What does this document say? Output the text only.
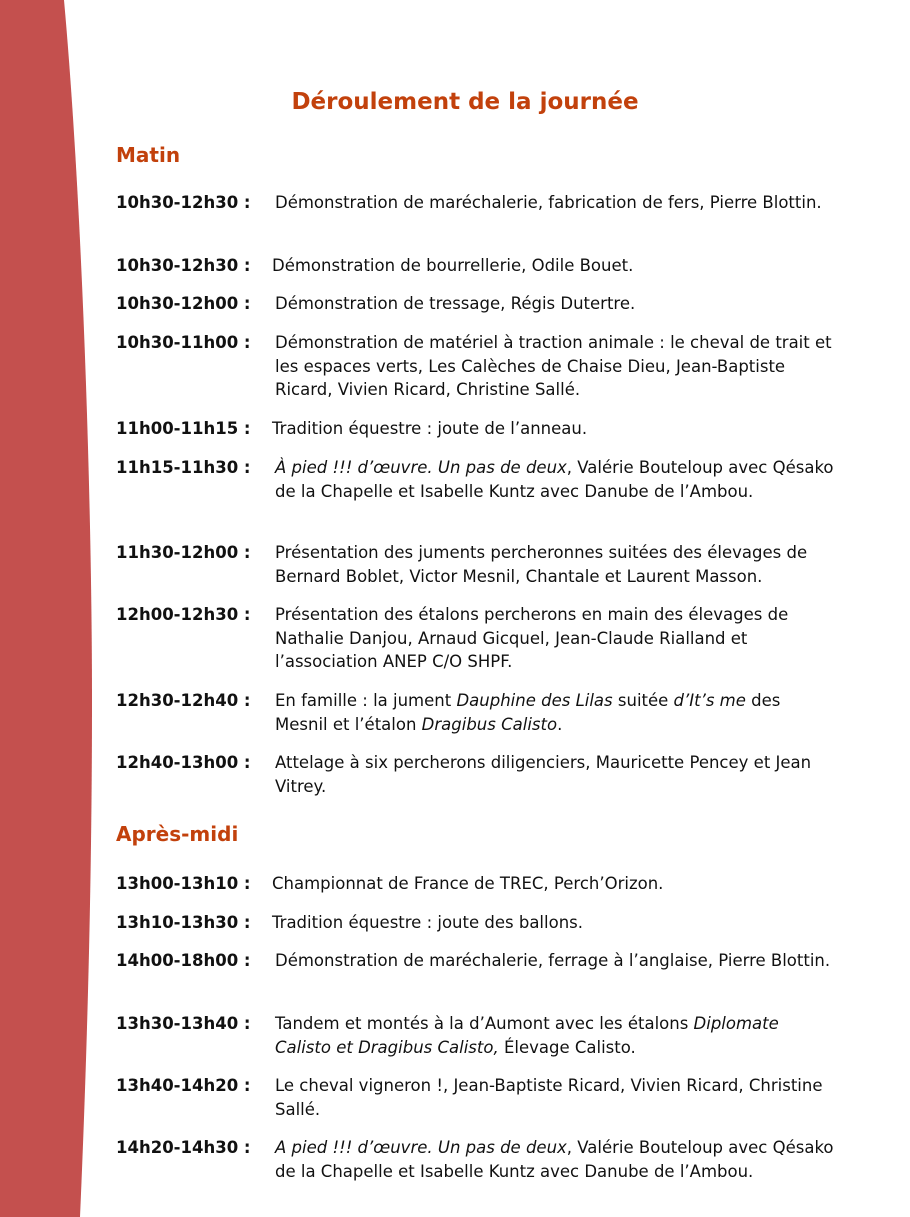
Déroulement de la journée
Matin
10h30-12h30 : Démonstration de maréchalerie, fabrication de fers, Pierre Blottin.
10h30-12h30 : Démonstration de bourrellerie, Odile Bouet.
10h30-12h00 : Démonstration de tressage, Régis Dutertre.
10h30-11h00 : Démonstration de matériel à traction animale : le cheval de trait et les espaces verts, Les Calèches de Chaise Dieu, Jean-Baptiste Ricard, Vivien Ricard, Christine Sallé.
11h00-11h15 : Tradition équestre : joute de l’anneau.
11h15-11h30 : À pied !!! d’œuvre. Un pas de deux, Valérie Bouteloup avec Qésako de la Chapelle et Isabelle Kuntz avec Danube de l’Ambou.
11h30-12h00 : Présentation des juments percheronnes suitées des élevages de Bernard Boblet, Victor Mesnil, Chantale et Laurent Masson.
12h00-12h30 : Présentation des étalons percherons en main des élevages de Nathalie Danjou, Arnaud Gicquel, Jean-Claude Rialland et l’association ANEP C/O SHPF.
12h30-12h40 : En famille : la jument Dauphine des Lilas suitée d’It’s me des Mesnil et l’étalon Dragibus Calisto.
12h40-13h00 : Attelage à six percherons diligenciers, Mauricette Pencey et Jean Vitrey.
Après-midi
13h00-13h10 : Championnat de France de TREC, Perch’Orizon.
13h10-13h30 : Tradition équestre : joute des ballons.
14h00-18h00 : Démonstration de maréchalerie, ferrage à l’anglaise, Pierre Blottin.
13h30-13h40 : Tandem et montés à la d’Aumont avec les étalons Diplomate Calisto et Dragibus Calisto, Élevage Calisto.
13h40-14h20 : Le cheval vigneron !, Jean-Baptiste Ricard, Vivien Ricard, Christine Sallé.
14h20-14h30 : A pied !!! d’œuvre. Un pas de deux, Valérie Bouteloup avec Qésako de la Chapelle et Isabelle Kuntz avec Danube de l’Ambou.
